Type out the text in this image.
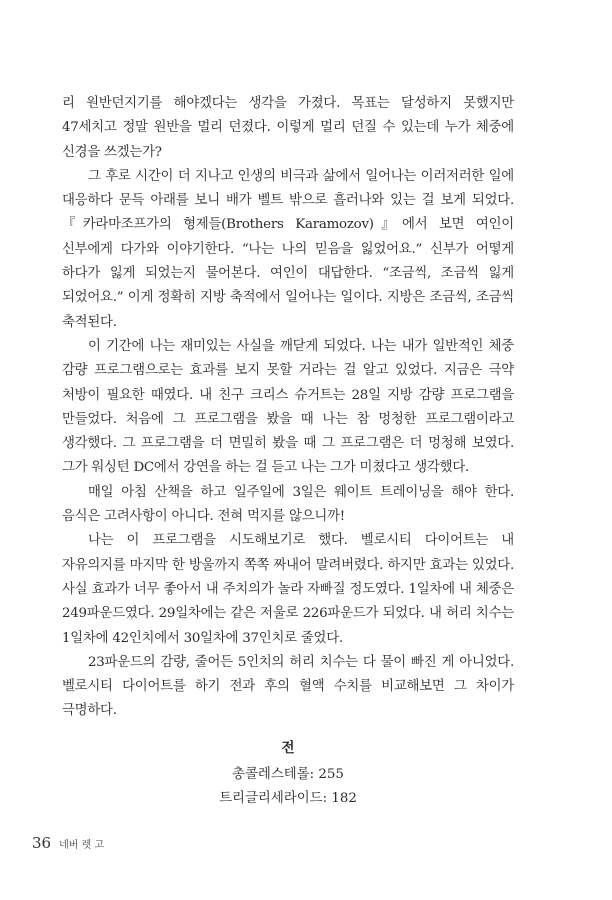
리 원반던지기를 해야겠다는 생각을 가졌다. 목표는 달성하지 못했지만 47세치고 정말 원반을 멀리 던졌다. 이렇게 멀리 던질 수 있는데 누가 체중에 신경을 쓰겠는가?

그 후로 시간이 더 지나고 인생의 비극과 삶에서 일어나는 이러저러한 일에 대응하다 문득 아래를 보니 배가 벨트 밖으로 흘러나와 있는 걸 보게 되었다. 『카라마조프가의 형제들(Brothers Karamozov)』에서 보면 여인이 신부에게 다가와 이야기한다. “나는 나의 믿음을 잃었어요.” 신부가 어떻게 하다가 잃게 되었는지 물어본다. 여인이 대답한다. “조금씩, 조금씩 잃게 되었어요.” 이게 정확히 지방 축적에서 일어나는 일이다. 지방은 조금씩, 조금씩 축적된다.

이 기간에 나는 재미있는 사실을 깨닫게 되었다. 나는 내가 일반적인 체중 감량 프로그램으로는 효과를 보지 못할 거라는 걸 알고 있었다. 지금은 극약 처방이 필요한 때였다. 내 친구 크리스 슈거트는 28일 지방 감량 프로그램을 만들었다. 처음에 그 프로그램을 봤을 때 나는 참 멍청한 프로그램이라고 생각했다. 그 프로그램을 더 면밀히 봤을 때 그 프로그램은 더 멍청해 보였다. 그가 워싱턴 DC에서 강연을 하는 걸 듣고 나는 그가 미쳤다고 생각했다.

매일 아침 산책을 하고 일주일에 3일은 웨이트 트레이닝을 해야 한다. 음식은 고려사항이 아니다. 전혀 먹지를 않으니까!

나는 이 프로그램을 시도해보기로 했다. 벨로시티 다이어트는 내 자유의지를 마지막 한 방울까지 쪽쪽 짜내어 말려버렸다. 하지만 효과는 있었다. 사실 효과가 너무 좋아서 내 주치의가 놀라 자빠질 정도였다. 1일차에 내 체중은 249파운드였다. 29일차에는 같은 저울로 226파운드가 되었다. 내 허리 치수는 1일차에 42인치에서 30일차에 37인치로 줄었다.

23파운드의 감량, 줄어든 5인치의 허리 치수는 다 물이 빠진 게 아니었다. 벨로시티 다이어트를 하기 전과 후의 혈액 수치를 비교해보면 그 차이가 극명하다.

전
총콜레스테롤: 255
트리글리세라이드: 182
36 네버 렛 고
